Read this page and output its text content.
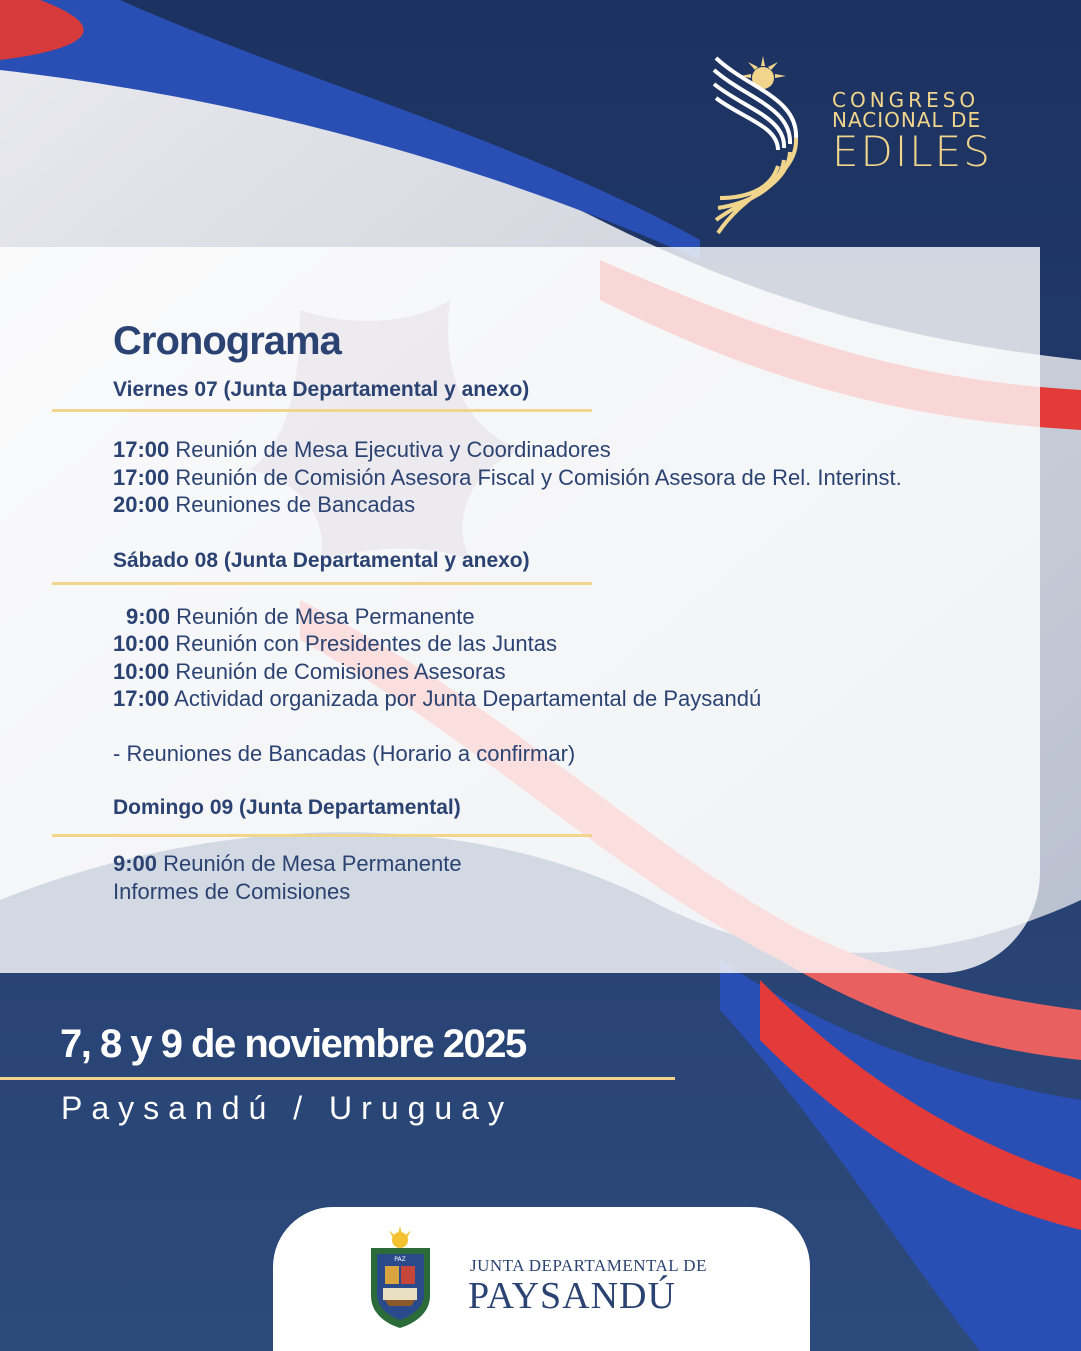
CONGRESO
NACIONAL DE
EDILES
Cronograma
Viernes 07 (Junta Departamental y anexo)
17:00 Reunión de Mesa Ejecutiva y Coordinadores
17:00 Reunión de Comisión Asesora Fiscal y Comisión Asesora de Rel. Interinst.
20:00 Reuniones de Bancadas
Sábado 08 (Junta Departamental y anexo)
9:00 Reunión de Mesa Permanente
10:00 Reunión con Presidentes de las Juntas
10:00 Reunión de Comisiones Asesoras
17:00 Actividad organizada por Junta Departamental de Paysandú
- Reuniones de Bancadas (Horario a confirmar)
Domingo 09 (Junta Departamental)
9:00 Reunión de Mesa Permanente
Informes de Comisiones
7, 8 y 9 de noviembre 2025
Paysandú / Uruguay
PAZ	JUNTA DEPARTAMENTAL DE
PAYSANDÚ
